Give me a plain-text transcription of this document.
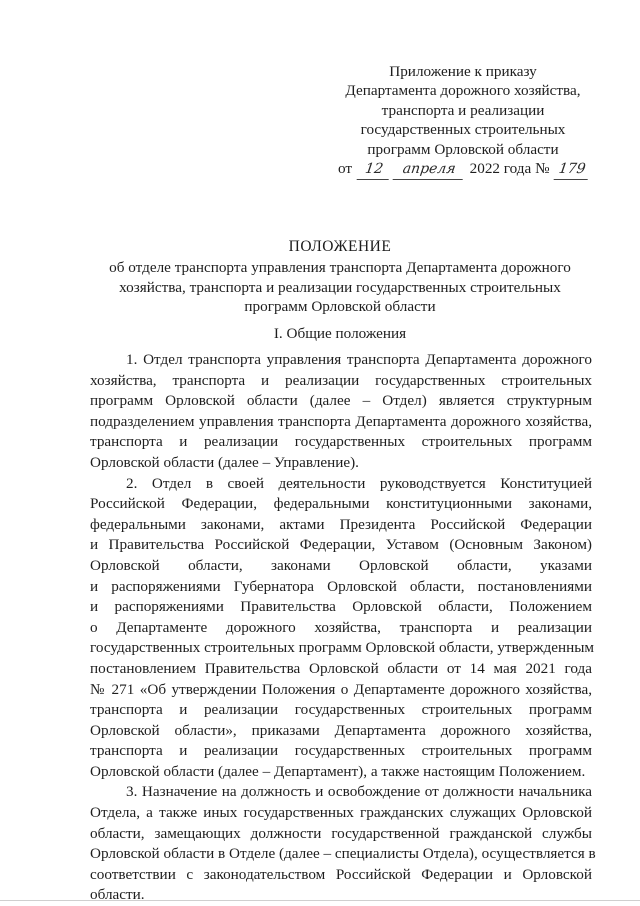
Приложение к приказу
Департамента дорожного хозяйства,
транспорта и реализации
государственных строительных
программ Орловской области
от 12 апреля 2022 года № 179
ПОЛОЖЕНИЕ
об отделе транспорта управления транспорта Департамента дорожного
хозяйства, транспорта и реализации государственных строительных
программ Орловской области
I. Общие положения
1. Отдел транспорта управления транспорта Департамента дорожного
хозяйства, транспорта и реализации государственных строительных
программ Орловской области (далее – Отдел) является структурным
подразделением управления транспорта Департамента дорожного хозяйства,
транспорта и реализации государственных строительных программ
Орловской области (далее – Управление).
2. Отдел в своей деятельности руководствуется Конституцией
Российской Федерации, федеральными конституционными законами,
федеральными законами, актами Президента Российской Федерации
и Правительства Российской Федерации, Уставом (Основным Законом)
Орловской области, законами Орловской области, указами
и распоряжениями Губернатора Орловской области, постановлениями
и распоряжениями Правительства Орловской области, Положением
о Департаменте дорожного хозяйства, транспорта и реализации
государственных строительных программ Орловской области, утвержденным
постановлением Правительства Орловской области от 14 мая 2021 года
№ 271 «Об утверждении Положения о Департаменте дорожного хозяйства,
транспорта и реализации государственных строительных программ
Орловской области», приказами Департамента дорожного хозяйства,
транспорта и реализации государственных строительных программ
Орловской области (далее – Департамент), а также настоящим Положением.
3. Назначение на должность и освобождение от должности начальника
Отдела, а также иных государственных гражданских служащих Орловской
области, замещающих должности государственной гражданской службы
Орловской области в Отделе (далее – специалисты Отдела), осуществляется в
соответствии с законодательством Российской Федерации и Орловской
области.
